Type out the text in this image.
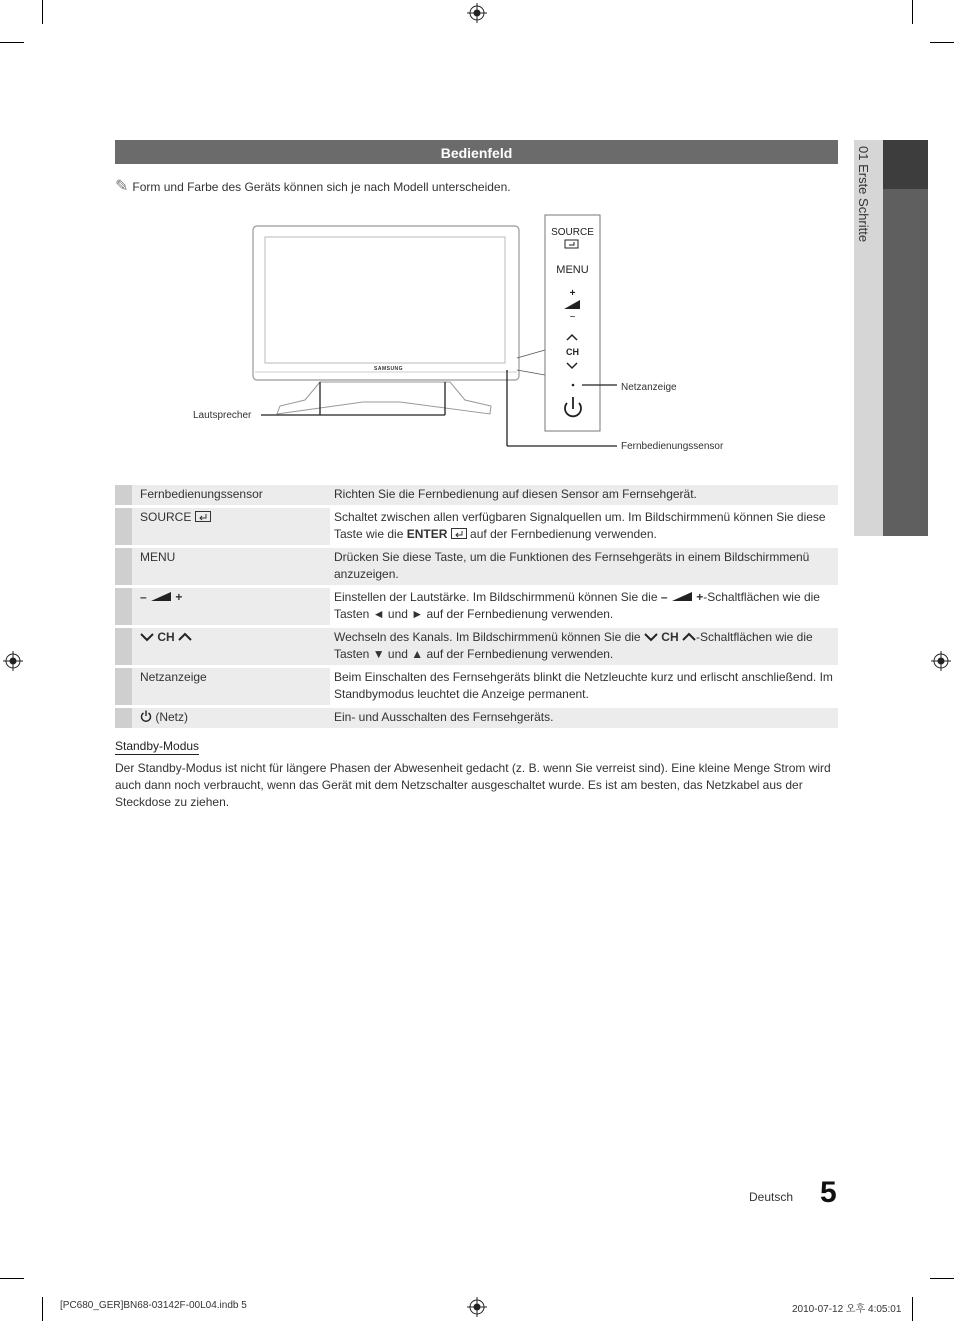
01 Erste Schritte
Bedienfeld
✎ Form und Farbe des Geräts können sich je nach Modell unterscheiden.
SAMSUNG
SOURCE
MENU
+
−
CH
Lautsprecher
Netzanzeige
Fernbedienungssensor
	Fernbedienungssensor	Richten Sie die Fernbedienung auf diesen Sensor am Fernsehgerät.
	SOURCE	Schaltet zwischen allen verfügbaren Signalquellen um. Im Bildschirmmenü können Sie diese Taste wie die ENTER  auf der Fernbedienung verwenden.
	MENU	Drücken Sie diese Taste, um die Funktionen des Fernsehgeräts in einem Bildschirmmenü anzuzeigen.
	– +	Einstellen der Lautstärke. Im Bildschirmmenü können Sie die – +-Schaltflächen wie die Tasten ◄ und ► auf der Fernbedienung verwenden.
	CH	Wechseln des Kanals. Im Bildschirmmenü können Sie die  CH -Schaltflächen wie die Tasten ▼ und ▲ auf der Fernbedienung verwenden.
	Netzanzeige	Beim Einschalten des Fernsehgeräts blinkt die Netzleuchte kurz und erlischt anschließend. Im Standbymodus leuchtet die Anzeige permanent.
	(Netz)	Ein- und Ausschalten des Fernsehgeräts.
Standby-Modus
Der Standby-Modus ist nicht für längere Phasen der Abwesenheit gedacht (z. B. wenn Sie verreist sind). Eine kleine Menge Strom wird auch dann noch verbraucht, wenn das Gerät mit dem Netzschalter ausgeschaltet wurde. Es ist am besten, das Netzkabel aus der Steckdose zu ziehen.
Deutsch 5
[PC680_GER]BN68-03142F-00L04.indb 5	2010-07-12 오후 4:05:01
